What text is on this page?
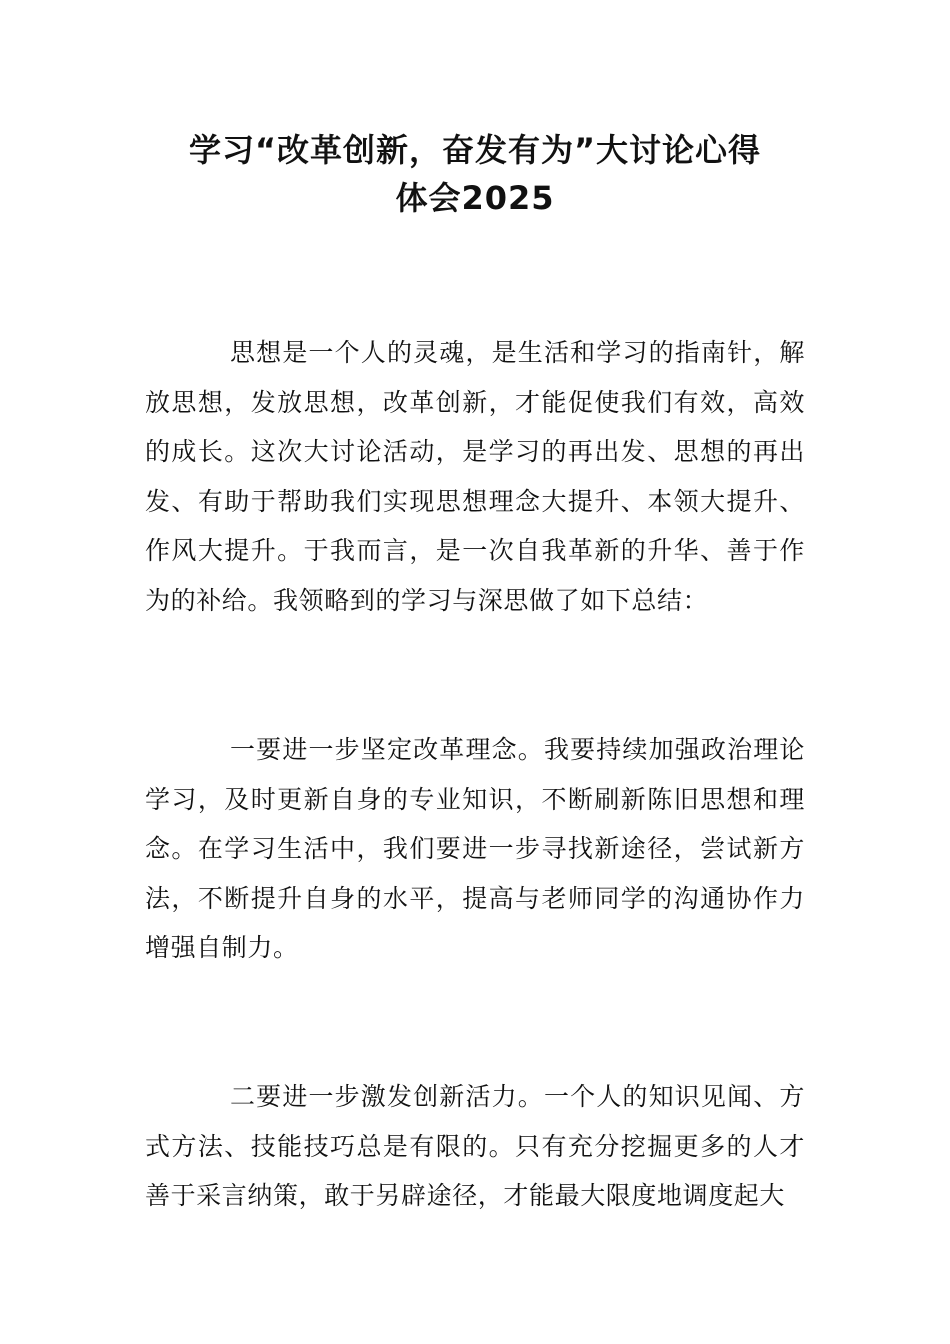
学习“改革创新，奋发有为”大讨论心得
体会2025

思想是一个人的灵魂，是生活和学习的指南针，解放思想，发放思想，改革创新，才能促使我们有效，高效的成长。这次大讨论活动，是学习的再出发、思想的再出发、有助于帮助我们实现思想理念大提升、本领大提升、作风大提升。于我而言，是一次自我革新的升华、善于作为的补给。我领略到的学习与深思做了如下总结：

一要进一步坚定改革理念。我要持续加强政治理论学习，及时更新自身的专业知识，不断刷新陈旧思想和理念。在学习生活中，我们要进一步寻找新途径，尝试新方法，不断提升自身的水平，提高与老师同学的沟通协作力增强自制力。

二要进一步激发创新活力。一个人的知识见闻、方式方法、技能技巧总是有限的。只有充分挖掘更多的人才善于采言纳策，敢于另辟途径，才能最大限度地调度起大
